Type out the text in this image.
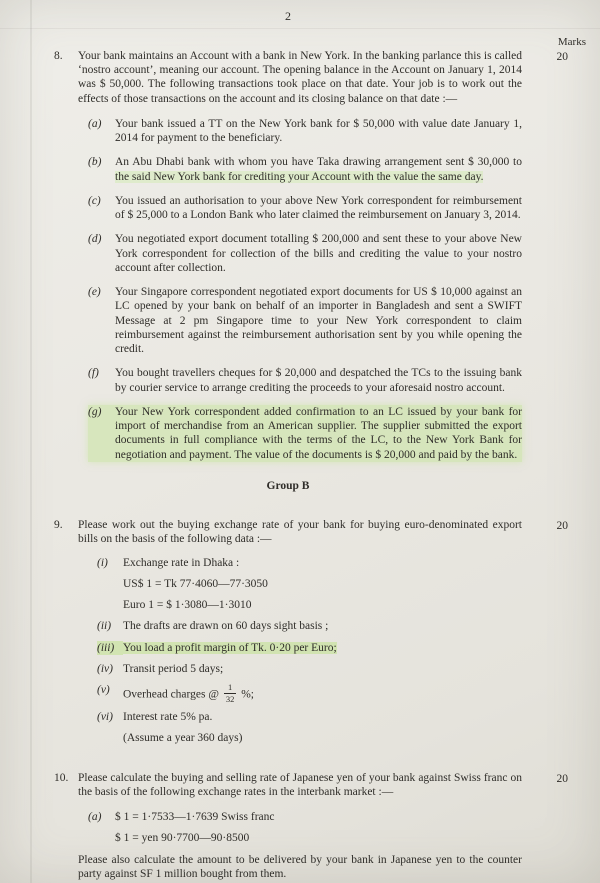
2
Marks
20
8.	Your bank maintains an Account with a bank in New York. In the banking parlance this is called ‘nostro account’, meaning our account. The opening balance in the Account on January 1, 2014 was $ 50,000. The following transactions took place on that date. Your job is to work out the effects of those transactions on the account and its closing balance on that date :—
(a)	Your bank issued a TT on the New York bank for $ 50,000 with value date January 1, 2014 for payment to the beneficiary.
(b)	An Abu Dhabi bank with whom you have Taka drawing arrangement sent $ 30,000 to the said New York bank for crediting your Account with the value the same day.
(c)	You issued an authorisation to your above New York correspondent for reimbursement of $ 25,000 to a London Bank who later claimed the reimbursement on January 3, 2014.
(d)	You negotiated export document totalling $ 200,000 and sent these to your above New York correspondent for collection of the bills and crediting the value to your nostro account after collection.
(e)	Your Singapore correspondent negotiated export documents for US $ 10,000 against an LC opened by your bank on behalf of an importer in Bangladesh and sent a SWIFT Message at 2 pm Singapore time to your New York correspondent to claim reimbursement against the reimbursement authorisation sent by you while opening the credit.
(f)	You bought travellers cheques for $ 20,000 and despatched the TCs to the issuing bank by courier service to arrange crediting the proceeds to your aforesaid nostro account.
(g)	Your New York correspondent added confirmation to an LC issued by your bank for import of merchandise from an American supplier. The supplier submitted the export documents in full compliance with the terms of the LC, to the New York Bank for negotiation and payment. The value of the documents is $ 20,000 and paid by the bank.
Group B
20
9.	Please work out the buying exchange rate of your bank for buying euro-denominated export bills on the basis of the following data :—
(i)	Exchange rate in Dhaka :
US$ 1 = Tk 77·4060—77·3050
Euro 1 = $ 1·3080—1·3010
(ii)	The drafts are drawn on 60 days sight basis ;
(iii) You load a profit margin of Tk. 0·20 per Euro;
(iv) Transit period 5 days;
(v)	Overhead charges @ $\frac{1}{32}$ %;
(vi) Interest rate 5% pa.
(Assume a year 360 days)
20
10. Please calculate the buying and selling rate of Japanese yen of your bank against Swiss franc on the basis of the following exchange rates in the interbank market :—
(a)	$ 1 = 1·7533—1·7639 Swiss franc
$ 1 = yen 90·7700—90·8500
Please also calculate the amount to be delivered by your bank in Japanese yen to the counter party against SF 1 million bought from them.
